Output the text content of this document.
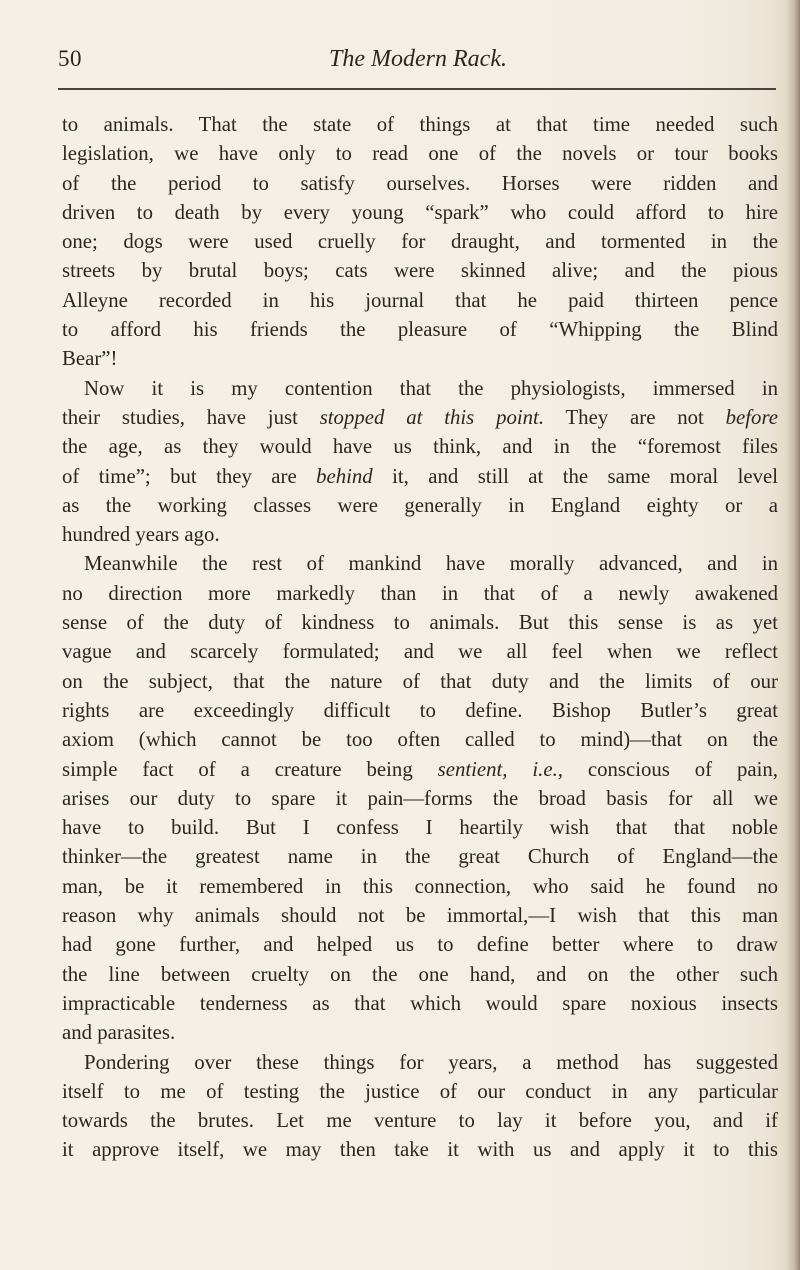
50	The Modern Rack.
to animals. That the state of things at that time needed such
legislation, we have only to read one of the novels or tour books
of the period to satisfy ourselves. Horses were ridden and
driven to death by every young “spark” who could afford to hire
one; dogs were used cruelly for draught, and tormented in the
streets by brutal boys; cats were skinned alive; and the pious
Alleyne recorded in his journal that he paid thirteen pence
to afford his friends the pleasure of “Whipping the Blind
Bear”!
Now it is my contention that the physiologists, immersed in
their studies, have just stopped at this point. They are not before
the age, as they would have us think, and in the “foremost files
of time”; but they are behind it, and still at the same moral level
as the working classes were generally in England eighty or a
hundred years ago.
Meanwhile the rest of mankind have morally advanced, and in
no direction more markedly than in that of a newly awakened
sense of the duty of kindness to animals. But this sense is as yet
vague and scarcely formulated; and we all feel when we reflect
on the subject, that the nature of that duty and the limits of our
rights are exceedingly difficult to define. Bishop Butler’s great
axiom (which cannot be too often called to mind)—that on the
simple fact of a creature being sentient, i.e., conscious of pain,
arises our duty to spare it pain—forms the broad basis for all we
have to build. But I confess I heartily wish that that noble
thinker—the greatest name in the great Church of England—the
man, be it remembered in this connection, who said he found no
reason why animals should not be immortal,—I wish that this man
had gone further, and helped us to define better where to draw
the line between cruelty on the one hand, and on the other such
impracticable tenderness as that which would spare noxious insects
and parasites.
Pondering over these things for years, a method has suggested
itself to me of testing the justice of our conduct in any particular
towards the brutes. Let me venture to lay it before you, and if
it approve itself, we may then take it with us and apply it to this
